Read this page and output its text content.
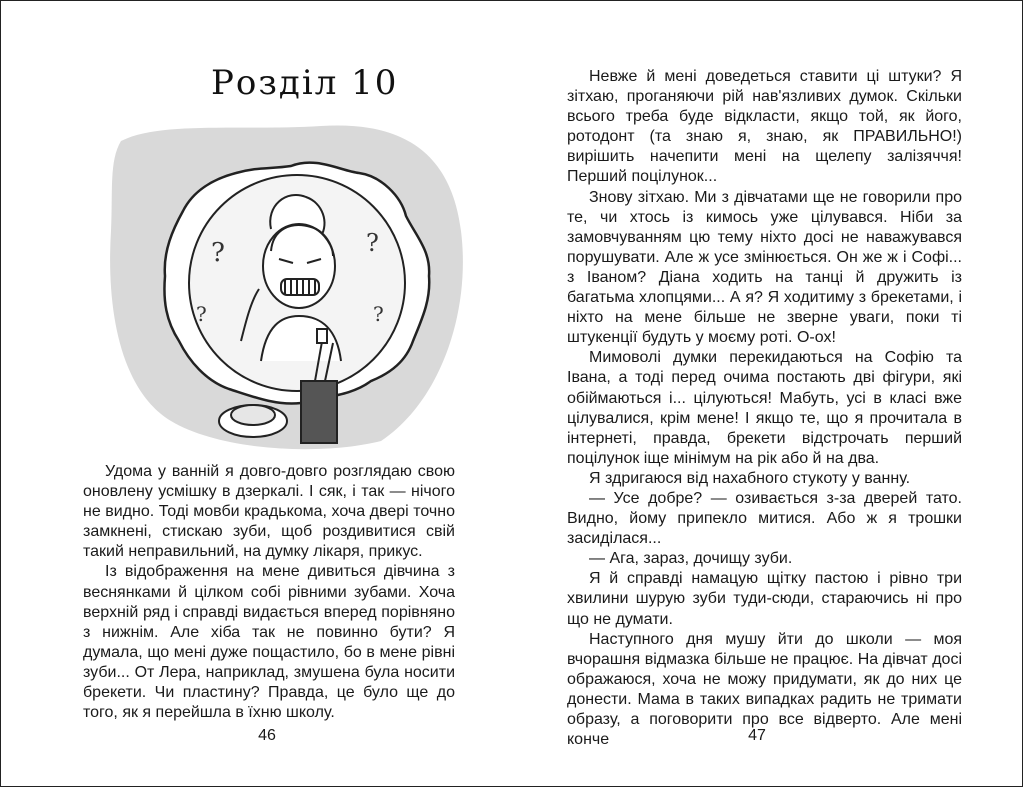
Розділ 10
?
?
?
?

Удома у ванній я довго-довго розглядаю свою оновлену усмішку в дзеркалі. І сяк, і так — нічого не видно. Тоді мовби крадькома, хоча двері точно замкнені, стискаю зуби, щоб роздивитися свій такий неправильний, на думку лікаря, прикус.

Із відображення на мене дивиться дівчина з веснянками й цілком собі рівними зубами. Хоча верхній ряд і справді видається вперед порівняно з нижнім. Але хіба так не повинно бути? Я думала, що мені дуже пощастило, бо в мене рівні зуби... От Лера, наприклад, змушена була носити брекети. Чи пластину? Правда, це було ще до того, як я перейшла в їхню школу.

46

Невже й мені доведеться ставити ці штуки? Я зітхаю, проганяючи рій нав'язливих думок. Скільки всього треба буде відкласти, якщо той, як його, ротодонт (та знаю я, знаю, як ПРАВИЛЬНО!) вирішить начепити мені на щелепу залізяччя! Перший поцілунок...

Знову зітхаю. Ми з дівчатами ще не говорили про те, чи хтось із кимось уже цілувався. Ніби за замовчуванням цю тему ніхто досі не наважувався порушувати. Але ж усе змінюється. Он же ж і Софі... з Іваном? Діана ходить на танці й дружить із багатьма хлопцями... А я? Я ходитиму з брекетами, і ніхто на мене більше не зверне уваги, поки ті штукенції будуть у моєму роті. О-ох!

Мимоволі думки перекидаються на Софію та Івана, а тоді перед очима постають дві фігури, які обіймаються і... цілуються! Мабуть, усі в класі вже цілувалися, крім мене! І якщо те, що я прочитала в інтернеті, правда, брекети відстрочать перший поцілунок іще мінімум на рік або й на два.

Я здригаюся від нахабного стукоту у ванну.

— Усе добре? — озивається з-за дверей тато. Видно, йому припекло митися. Або ж я трошки засиділася...

— Ага, зараз, дочищу зуби.

Я й справді намацую щітку пастою і рівно три хвилини шурую зуби туди-сюди, стараючись ні про що не думати.

Наступного дня мушу йти до школи — моя вчорашня відмазка більше не працює. На дівчат досі ображаюся, хоча не можу придумати, як до них це донести. Мама в таких випадках радить не тримати образу, а поговорити про все відверто. Але мені конче	47
